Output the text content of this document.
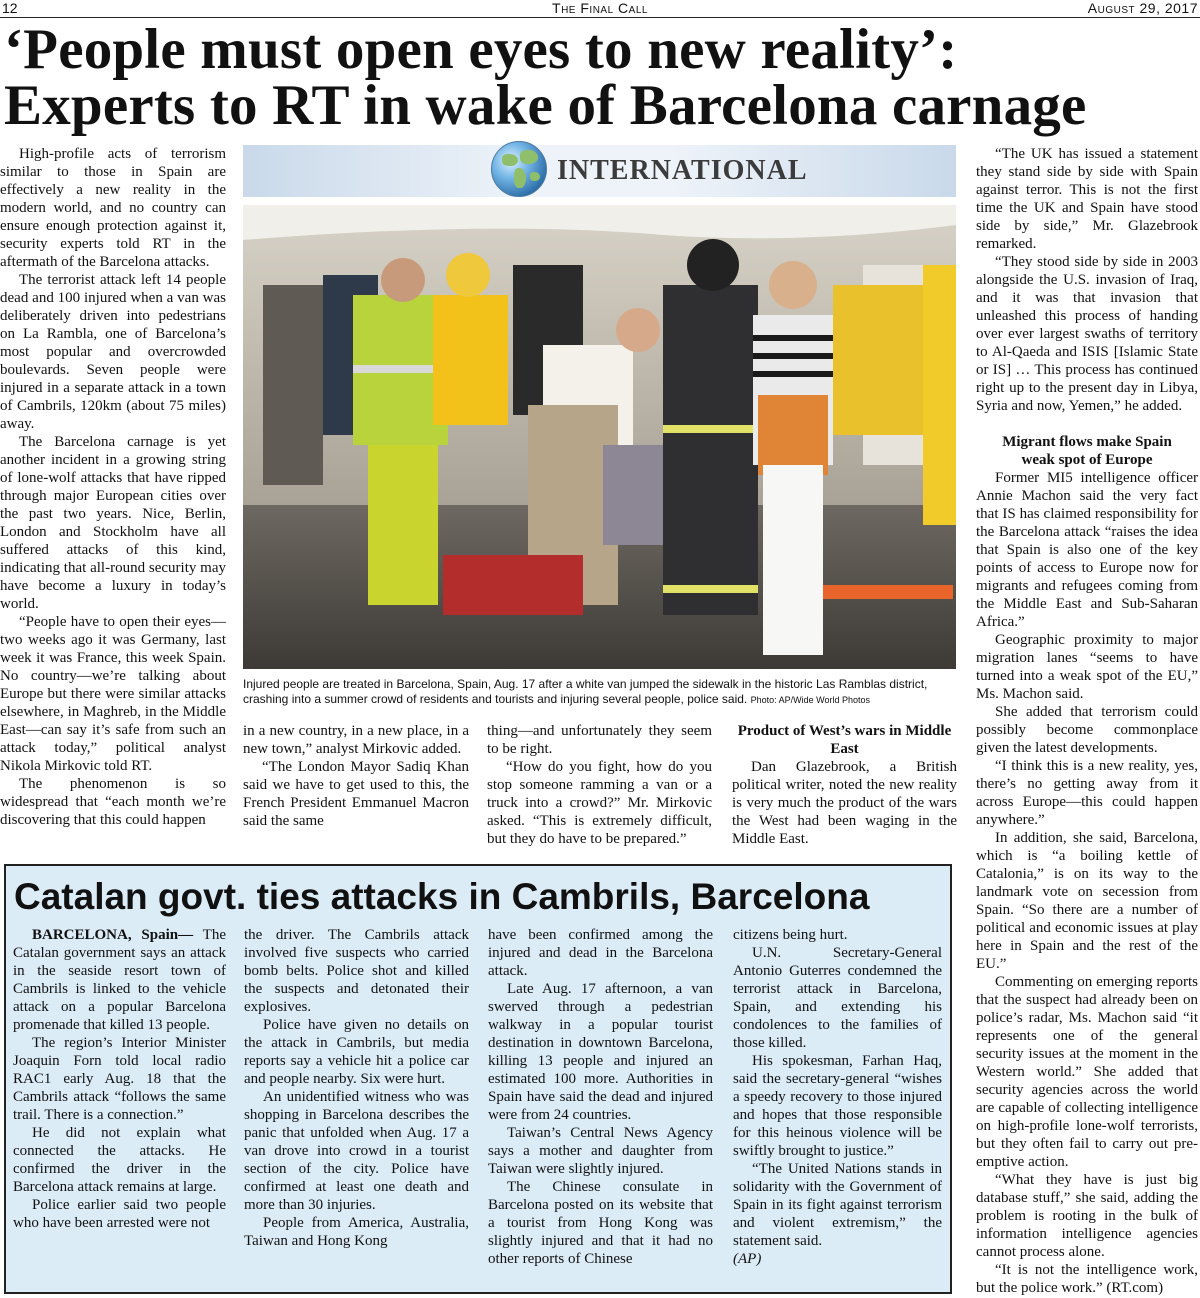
12	The Final Call	August 29, 2017
‘People must open eyes to new reality’:
Experts to RT in wake of Barcelona carnage

High-profile acts of terrorism similar to those in Spain are effectively a new reality in the modern world, and no country can ensure enough protection against it, security experts told RT in the aftermath of the Barcelona attacks.

The terrorist attack left 14 people dead and 100 injured when a van was deliberately driven into pedestrians on La Rambla, one of Barcelona’s most popular and overcrowded boulevards. Seven people were injured in a separate attack in a town of Cambrils, 120km (about 75 miles) away.

The Barcelona carnage is yet another incident in a growing string of lone-wolf attacks that have ripped through major European cities over the past two years. Nice, Berlin, London and Stockholm have all suffered attacks of this kind, indicating that all-round security may have become a luxury in today’s world.

“People have to open their eyes—two weeks ago it was Germany, last week it was France, this week Spain. No country—we’re talking about Europe but there were similar attacks elsewhere, in Maghreb, in the Middle East—can say it’s safe from such an attack today,” political analyst Nikola Mirkovic told RT.

The phenomenon is so widespread that “each month we’re discovering that this could happen

INTERNATIONAL
Injured people are treated in Barcelona, Spain, Aug. 17 after a white van jumped the sidewalk in the historic Las Ramblas district, crashing into a summer crowd of residents and tourists and injuring several people, police said. Photo: AP/Wide World Photos

in a new country, in a new place, in a new town,” analyst Mirkovic added.

“The London Mayor Sadiq Khan said we have to get used to this, the French President Emmanuel Macron said the same

thing—and unfortunately they seem to be right.

“How do you fight, how do you stop someone ramming a van or a truck into a crowd?” Mr. Mirkovic asked. “This is extremely difficult, but they do have to be prepared.”

Product of West’s wars in Middle East

Dan Glazebrook, a British political writer, noted the new reality is very much the product of the wars the West had been waging in the Middle East.

“The UK has issued a statement they stand side by side with Spain against terror. This is not the first time the UK and Spain have stood side by side,” Mr. Glazebrook remarked.

“They stood side by side in 2003 alongside the U.S. invasion of Iraq, and it was that invasion that unleashed this process of handing over ever largest swaths of territory to Al-Qaeda and ISIS [Islamic State or IS] … This process has continued right up to the present day in Libya, Syria and now, Yemen,” he added.

Migrant flows make Spain weak spot of Europe

Former MI5 intelligence officer Annie Machon said the very fact that IS has claimed responsibility for the Barcelona attack “raises the idea that Spain is also one of the key points of access to Europe now for migrants and refugees coming from the Middle East and Sub-Saharan Africa.”

Geographic proximity to major migration lanes “seems to have turned into a weak spot of the EU,” Ms. Machon said.

She added that terrorism could possibly become commonplace given the latest developments.

“I think this is a new reality, yes, there’s no getting away from it across Europe—this could happen anywhere.”

In addition, she said, Barcelona, which is “a boiling kettle of Catalonia,” is on its way to the landmark vote on secession from Spain. “So there are a number of political and economic issues at play here in Spain and the rest of the EU.”

Commenting on emerging reports that the suspect had already been on police’s radar, Ms. Machon said “it represents one of the general security issues at the moment in the Western world.” She added that security agencies across the world are capable of collecting intelligence on high-profile lone-wolf terrorists, but they often fail to carry out pre-emptive action.

“What they have is just big database stuff,” she said, adding the problem is rooting in the bulk of information intelligence agencies cannot process alone.

“It is not the intelligence work, but the police work.” (RT.com)

Catalan govt. ties attacks in Cambrils, Barcelona

BARCELONA, Spain— The Catalan government says an attack in the seaside resort town of Cambrils is linked to the vehicle attack on a popular Barcelona promenade that killed 13 people.

The region’s Interior Minister Joaquin Forn told local radio RAC1 early Aug. 18 that the Cambrils attack “follows the same trail. There is a connection.”

He did not explain what connected the attacks. He confirmed the driver in the Barcelona attack remains at large.

Police earlier said two people who have been arrested were not

the driver. The Cambrils attack involved five suspects who carried bomb belts. Police shot and killed the suspects and detonated their explosives.

Police have given no details on the attack in Cambrils, but media reports say a vehicle hit a police car and people nearby. Six were hurt.

An unidentified witness who was shopping in Barcelona describes the panic that unfolded when Aug. 17 a van drove into crowd in a tourist section of the city. Police have confirmed at least one death and more than 30 injuries.

People from America, Australia, Taiwan and Hong Kong

have been confirmed among the injured and dead in the Barcelona attack.

Late Aug. 17 afternoon, a van swerved through a pedestrian walkway in a popular tourist destination in downtown Barcelona, killing 13 people and injured an estimated 100 more. Authorities in Spain have said the dead and injured were from 24 countries.

Taiwan’s Central News Agency says a mother and daughter from Taiwan were slightly injured.

The Chinese consulate in Barcelona posted on its website that a tourist from Hong Kong was slightly injured and that it had no other reports of Chinese

citizens being hurt.

U.N. Secretary-General Antonio Guterres condemned the terrorist attack in Barcelona, Spain, and extending his condolences to the families of those killed.

His spokesman, Farhan Haq, said the secretary-general “wishes a speedy recovery to those injured and hopes that those responsible for this heinous violence will be swiftly brought to justice.”

“The United Nations stands in solidarity with the Government of Spain in its fight against terrorism and violent extremism,” the statement said.

(AP)
